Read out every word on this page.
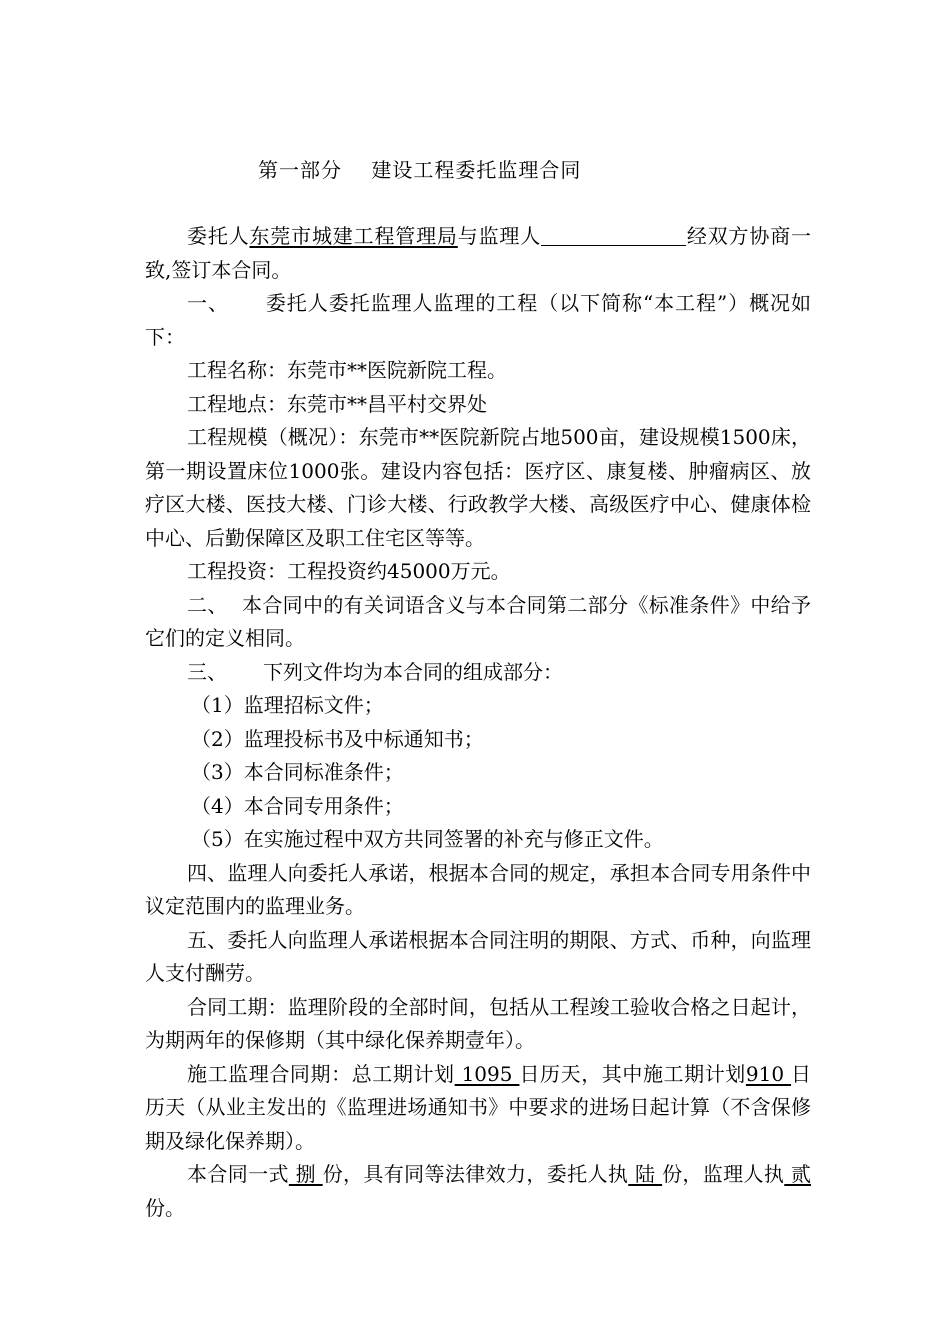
第一部分    建设工程委托监理合同

委托人东莞市城建工程管理局与监理人	经双方协商一致,签订本合同。

一、 委托人委托监理人监理的工程（以下简称“本工程”）概况如下：

工程名称：东莞市**医院新院工程。

工程地点：东莞市**昌平村交界处

工程规模（概况）：东莞市**医院新院占地500亩，建设规模1500床，第一期设置床位1000张。建设内容包括：医疗区、康复楼、肿瘤病区、放疗区大楼、医技大楼、门诊大楼、行政教学大楼、高级医疗中心、健康体检中心、后勤保障区及职工住宅区等等。

工程投资：工程投资约45000万元。

二、 本合同中的有关词语含义与本合同第二部分《标准条件》中给予它们的定义相同。

三、 下列文件均为本合同的组成部分：

（1）监理招标文件；

（2）监理投标书及中标通知书；

（3）本合同标准条件；

（4）本合同专用条件；

（5）在实施过程中双方共同签署的补充与修正文件。

四、监理人向委托人承诺，根据本合同的规定，承担本合同专用条件中议定范围内的监理业务。

五、委托人向监理人承诺根据本合同注明的期限、方式、币种，向监理人支付酬劳。

合同工期：监理阶段的全部时间，包括从工程竣工验收合格之日起计，为期两年的保修期（其中绿化保养期壹年）。

施工监理合同期：总工期计划 1095 日历天，其中施工期计划910 日历天（从业主发出的《监理进场通知书》中要求的进场日起计算（不含保修期及绿化保养期）。

本合同一式 捌 份，具有同等法律效力，委托人执 陆 份，监理人执 贰 份。
